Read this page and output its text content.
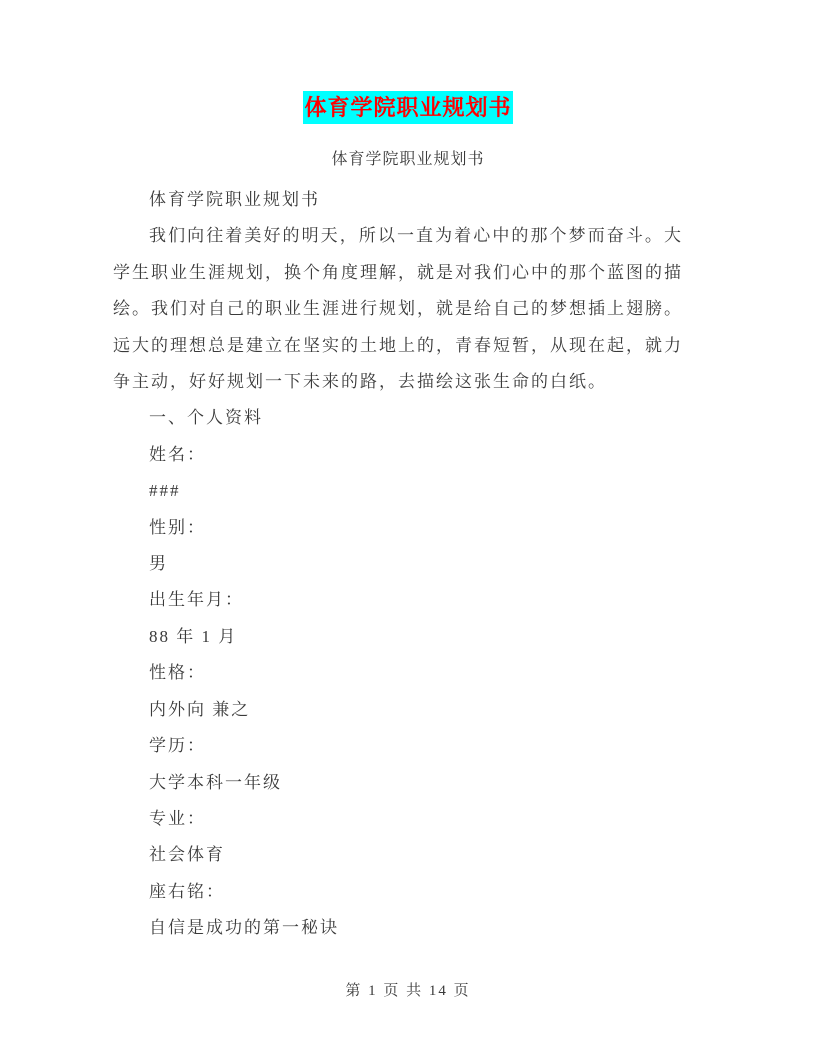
体育学院职业规划书

体育学院职业规划书

体育学院职业规划书

我们向往着美好的明天，所以一直为着心中的那个梦而奋斗。大学生职业生涯规划，换个角度理解，就是对我们心中的那个蓝图的描绘。我们对自己的职业生涯进行规划，就是给自己的梦想插上翅膀。远大的理想总是建立在坚实的土地上的，青春短暂，从现在起，就力争主动，好好规划一下未来的路，去描绘这张生命的白纸。

一、个人资料

姓名：

###

性别：

男

出生年月：

88 年 1 月

性格：

内外向 兼之

学历：

大学本科一年级

专业：

社会体育

座右铭：

自信是成功的第一秘诀

第 1 页 共 14 页
